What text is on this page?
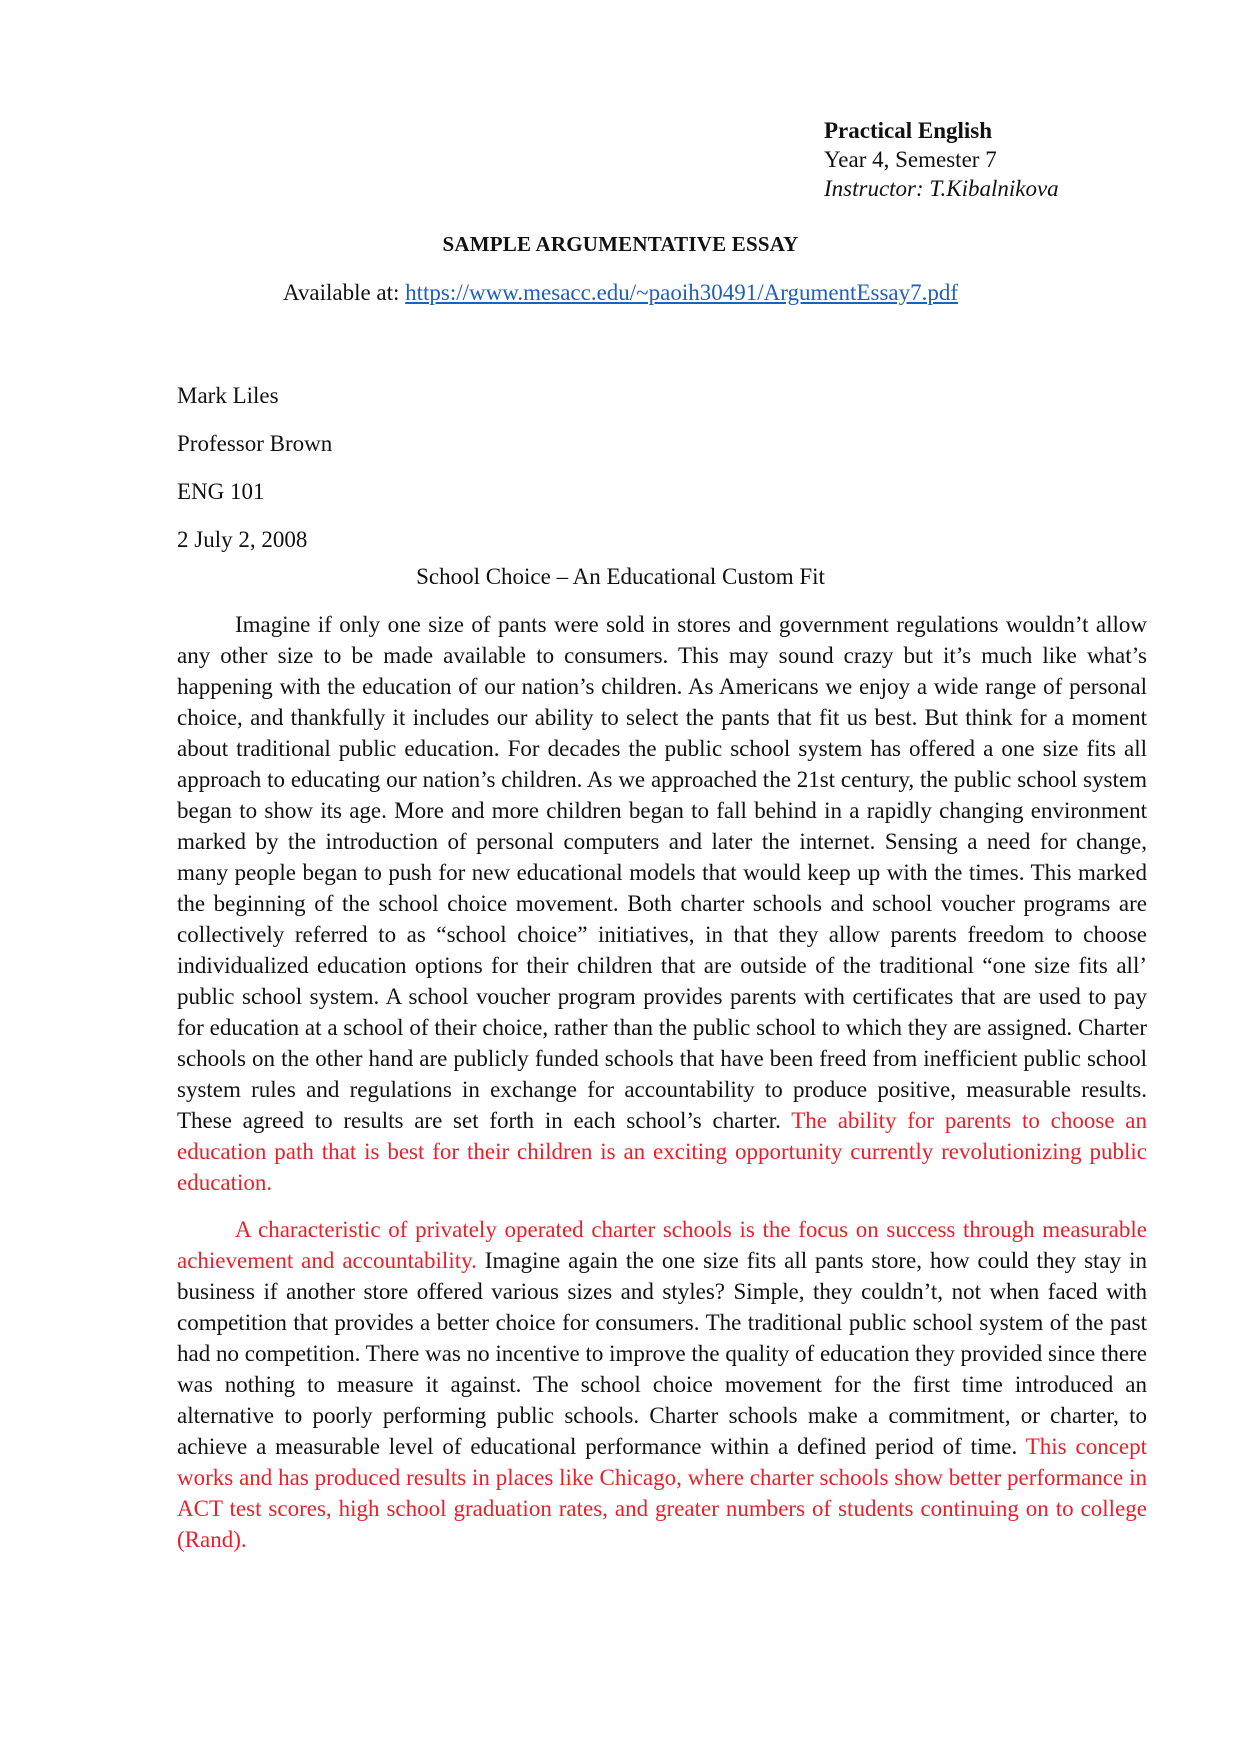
Practical English
Year 4, Semester 7
Instructor: T.Kibalnikova
SAMPLE ARGUMENTATIVE ESSAY
Available at: https://www.mesacc.edu/~paoih30491/ArgumentEssay7.pdf
Mark Liles
Professor Brown
ENG 101
2 July 2, 2008
School Choice – An Educational Custom Fit

Imagine if only one size of pants were sold in stores and government regulations wouldn’t allow any other size to be made available to consumers. This may sound crazy but it’s much like what’s happening with the education of our nation’s children. As Americans we enjoy a wide range of personal choice, and thankfully it includes our ability to select the pants that fit us best. But think for a moment about traditional public education. For decades the public school system has offered a one size fits all approach to educating our nation’s children. As we approached the 21st century, the public school system began to show its age. More and more children began to fall behind in a rapidly changing environment marked by the introduction of personal computers and later the internet. Sensing a need for change, many people began to push for new educational models that would keep up with the times. This marked the beginning of the school choice movement. Both charter schools and school voucher programs are collectively referred to as “school choice” initiatives, in that they allow parents freedom to choose individualized education options for their children that are outside of the traditional “one size fits all’ public school system. A school voucher program provides parents with certificates that are used to pay for education at a school of their choice, rather than the public school to which they are assigned. Charter schools on the other hand are publicly funded schools that have been freed from inefficient public school system rules and regulations in exchange for accountability to produce positive, measurable results. These agreed to results are set forth in each school’s charter. The ability for parents to choose an education path that is best for their children is an exciting opportunity currently revolutionizing public education.

A characteristic of privately operated charter schools is the focus on success through measurable achievement and accountability. Imagine again the one size fits all pants store, how could they stay in business if another store offered various sizes and styles? Simple, they couldn’t, not when faced with competition that provides a better choice for consumers. The traditional public school system of the past had no competition. There was no incentive to improve the quality of education they provided since there was nothing to measure it against. The school choice movement for the first time introduced an alternative to poorly performing public schools. Charter schools make a commitment, or charter, to achieve a measurable level of educational performance within a defined period of time. This concept works and has produced results in places like Chicago, where charter schools show better performance in ACT test scores, high school graduation rates, and greater numbers of students continuing on to college (Rand).
